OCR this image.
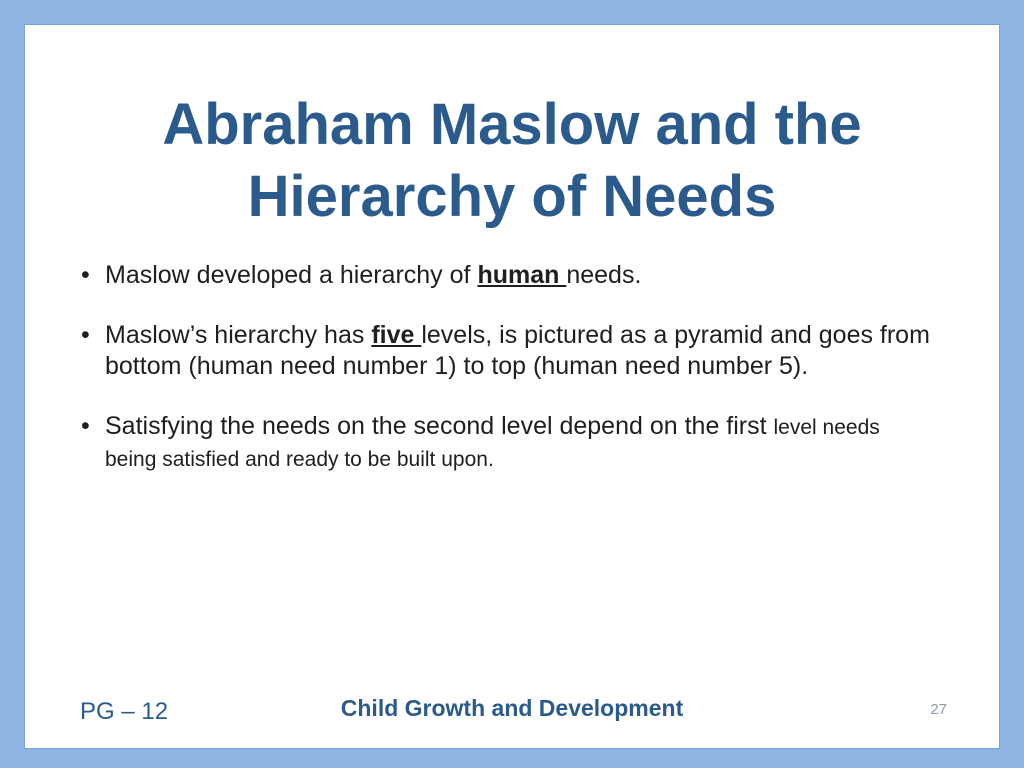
Abraham Maslow and the
Hierarchy of Needs
• Maslow developed a hierarchy of human needs.
• Maslow’s hierarchy has five levels, is pictured as a pyramid and goes from bottom (human need number 1) to top (human need number 5).
• Satisfying the needs on the second level depend on the first level needs being satisfied and ready to be built upon.
PG – 12	Child Growth and Development	27
